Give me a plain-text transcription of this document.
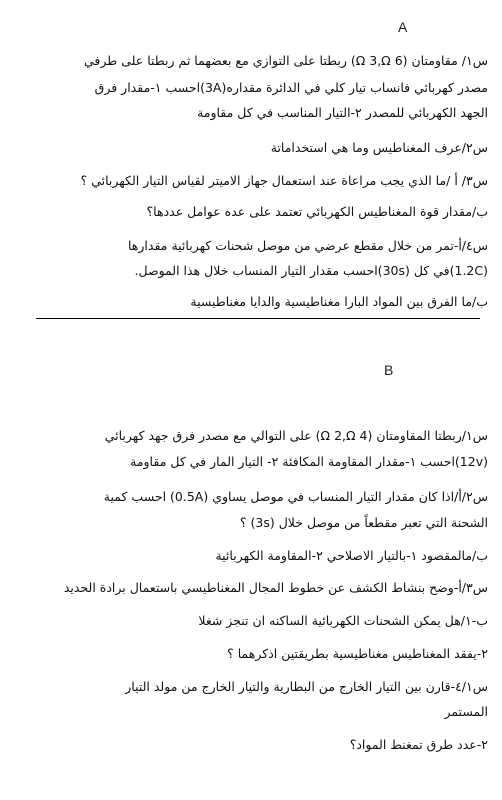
A
س١/ مقاومتان (Ω 3,Ω 6) ربطتا على التوازي مع بعضهما ثم ربطتا على طرفي
مصدر كهربائي فانساب تيار كلي في الدائرة مقداره(3A)احسب ١-مقدار فرق
الجهد الكهربائي للمصدر ٢-التيار المناسب في كل مقاومة
س٢/عرف المغناطيس وما هي استخداماتة
س٣/ أ /ما الذي يجب مراعاة عند استعمال جهاز الاميتر لقياس التيار الكهربائي ؟
ب/مقدار قوة المغناطيس الكهربائي تعتمد على عده عوامل عددها؟
س٤/أ-تمر من خلال مقطع عرضي من موصل شحنات كهربائية مقدارها
(1.2C)في كل (30s)احسب مقدار التيار المنساب خلال هذا الموصل.
ب/ما الفرق بين المواد البارا مغناطيسية والدايا مغناطيسية
B
س١/ربطتا المقاومتان (Ω 2,Ω 4) على التوالي مع مصدر فرق جهد كهربائي
(12v)احسب ١-مقدار المقاومة المكافئة ٢- التيار المار في كل مقاومة
س٢/أ/اذا كان مقدار التيار المنساب في موصل يساوي (0.5A) احسب كمية
الشحنة التي تعبر مقطعاً من موصل خلال (3s) ؟
ب/مالمقصود ١-بالتيار الاصلاحي ٢-المقاومة الكهربائية
س٣/أ-وضح بنشاط الكشف عن خطوط المجال المغناطيسي باستعمال برادة الحديد
ب-١/هل يمكن الشحنات الكهربائية الساكنه ان تنجز شغلا
٢-يفقد المغناطيس مغناطيسية بطريقتين اذكرهما ؟
س٤/١-قارن بين التيار الخارج من البطارية والتيار الخارج من مولد التيار
المستمر
٢-عدد طرق تمغنط المواد؟
